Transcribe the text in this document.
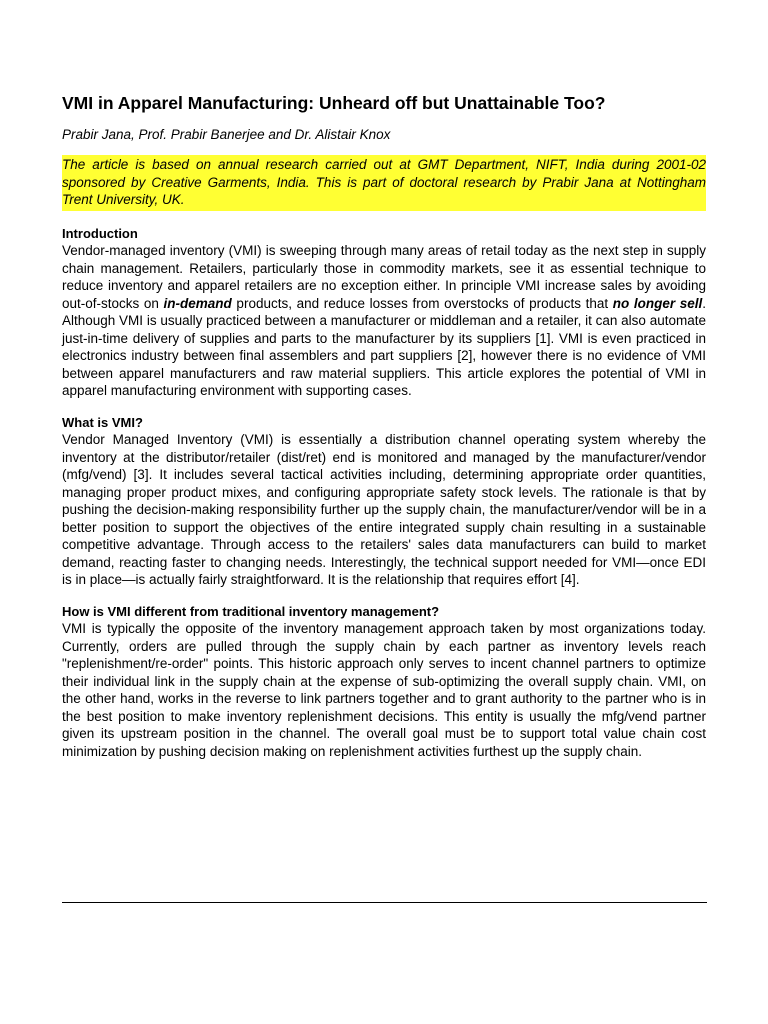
VMI in Apparel Manufacturing: Unheard off but Unattainable Too?
Prabir Jana, Prof. Prabir Banerjee and Dr. Alistair Knox
The article is based on annual research carried out at GMT Department, NIFT, India during 2001-02 sponsored by Creative Garments, India. This is part of doctoral research by Prabir Jana at Nottingham Trent University, UK.
Introduction
Vendor-managed inventory (VMI) is sweeping through many areas of retail today as the next step in supply chain management. Retailers, particularly those in commodity markets, see it as essential technique to reduce inventory and apparel retailers are no exception either. In principle VMI increase sales by avoiding out-of-stocks on in-demand products, and reduce losses from overstocks of products that no longer sell. Although VMI is usually practiced between a manufacturer or middleman and a retailer, it can also automate just-in-time delivery of supplies and parts to the manufacturer by its suppliers [1]. VMI is even practiced in electronics industry between final assemblers and part suppliers [2], however there is no evidence of VMI between apparel manufacturers and raw material suppliers. This article explores the potential of VMI in apparel manufacturing environment with supporting cases.
What is VMI?
Vendor Managed Inventory (VMI) is essentially a distribution channel operating system whereby the inventory at the distributor/retailer (dist/ret) end is monitored and managed by the manufacturer/vendor (mfg/vend) [3]. It includes several tactical activities including, determining appropriate order quantities, managing proper product mixes, and configuring appropriate safety stock levels. The rationale is that by pushing the decision-making responsibility further up the supply chain, the manufacturer/vendor will be in a better position to support the objectives of the entire integrated supply chain resulting in a sustainable competitive advantage. Through access to the retailers' sales data manufacturers can build to market demand, reacting faster to changing needs. Interestingly, the technical support needed for VMI—once EDI is in place—is actually fairly straightforward. It is the relationship that requires effort [4].
How is VMI different from traditional inventory management?
VMI is typically the opposite of the inventory management approach taken by most organizations today. Currently, orders are pulled through the supply chain by each partner as inventory levels reach "replenishment/re-order" points. This historic approach only serves to incent channel partners to optimize their individual link in the supply chain at the expense of sub-optimizing the overall supply chain. VMI, on the other hand, works in the reverse to link partners together and to grant authority to the partner who is in the best position to make inventory replenishment decisions. This entity is usually the mfg/vend partner given its upstream position in the channel. The overall goal must be to support total value chain cost minimization by pushing decision making on replenishment activities furthest up the supply chain.
